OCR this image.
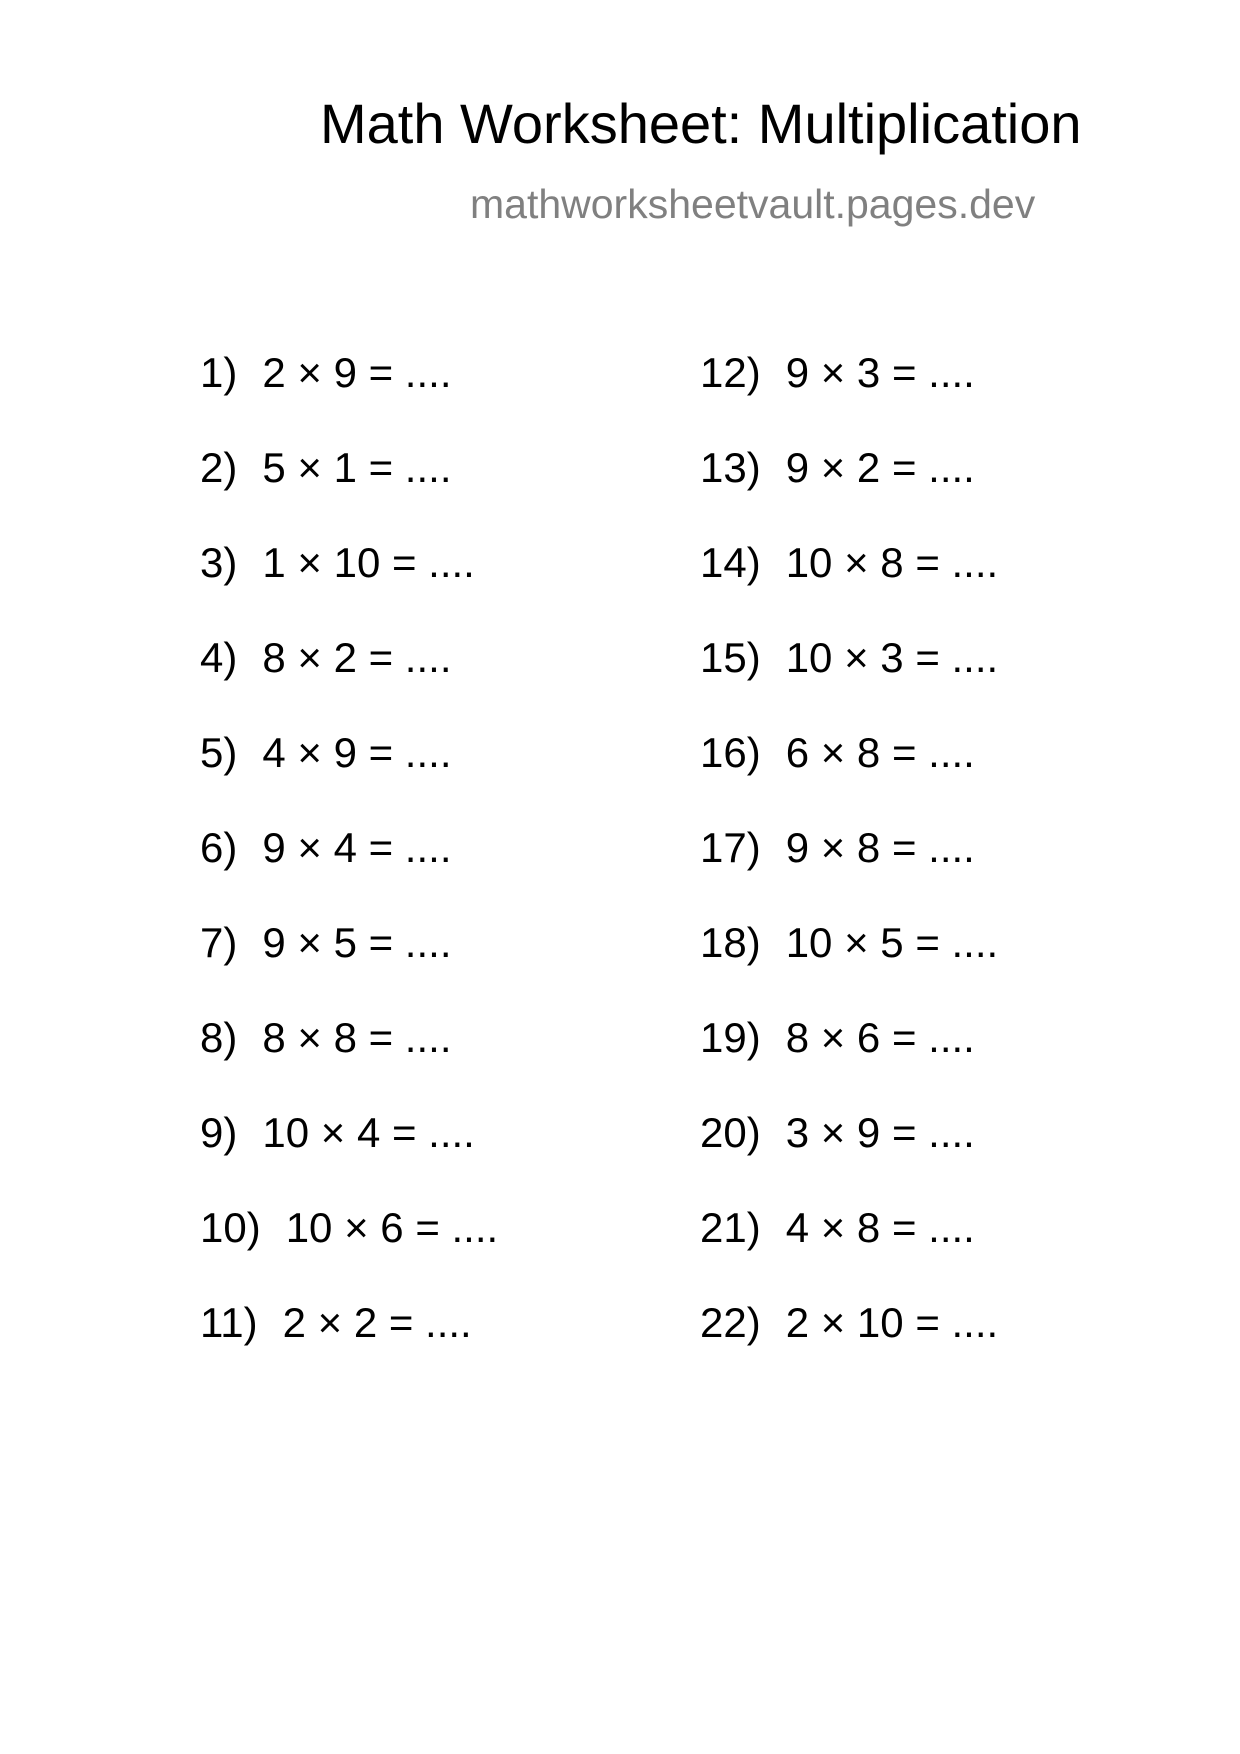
Math Worksheet: Multiplication
mathworksheetvault.pages.dev
1) 2 × 9 = ....
2) 5 × 1 = ....
3) 1 × 10 = ....
4) 8 × 2 = ....
5) 4 × 9 = ....
6) 9 × 4 = ....
7) 9 × 5 = ....
8) 8 × 8 = ....
9) 10 × 4 = ....
10) 10 × 6 = ....
11) 2 × 2 = ....
12) 9 × 3 = ....
13) 9 × 2 = ....
14) 10 × 8 = ....
15) 10 × 3 = ....
16) 6 × 8 = ....
17) 9 × 8 = ....
18) 10 × 5 = ....
19) 8 × 6 = ....
20) 3 × 9 = ....
21) 4 × 8 = ....
22) 2 × 10 = ....
